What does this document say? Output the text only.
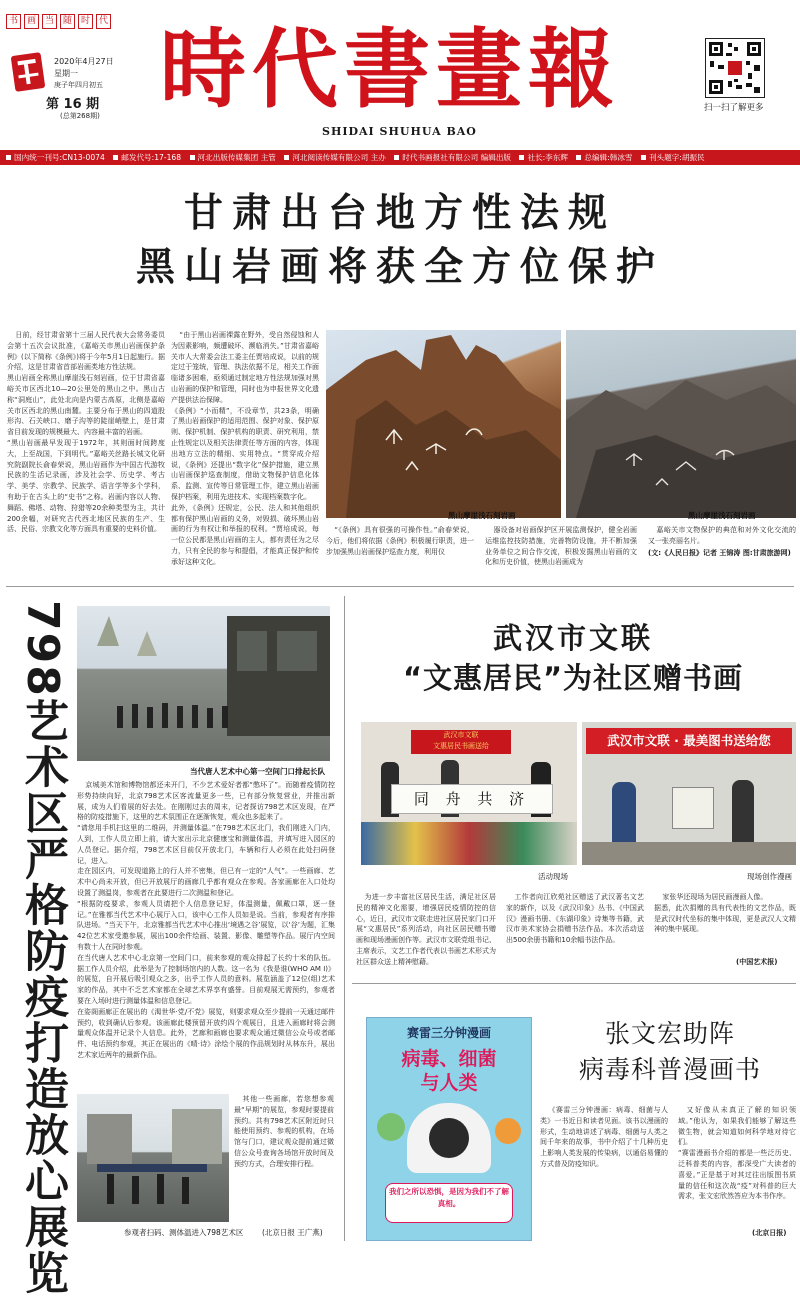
书 画 当 随 时 代
2020年4月27日
星期一
庚子年四月初五
第 16 期
(总第268期) 時代書畫報
SHIDAI SHUHUA BAO
扫一扫了解更多
国内统一刊号:CN13-0074 邮发代号:17-168 河北出版传媒集团 主管 河北阅读传媒有限公司 主办 时代书画报社有限公司 编辑出版 社长:李东辉 总编辑:韩冰雪 刊头题字:胡振民
甘肃出台地方性法规
黑山岩画将获全方位保护
日前，经甘肃省第十三届人民代表大会常务委员会第十五次会议批准，《嘉峪关市黑山岩画保护条例》(以下简称《条例》)将于今年5月1日起施行。据介绍，这是甘肃省首部岩画类地方性法规。
黑山岩画全称黑山摩崖浅石刻岩画，位于甘肃省嘉峪关市区西北10—20公里处的黑山之中。黑山古称“洞庭山”，此处北向是内蒙古高原，北侧是嘉峪关市区西北的黑山南麓。主要分布于黑山的四道股形沟、石关峡口、磨子沟等的陡崖峭壁上，是甘肃省目前发现的规模最大、内容最丰富的岩画。
“黑山岩画最早发现于1972年，其则面时间跨度大，上至战国，下到明代。”嘉峪关丝路长城文化研究院副院长俞春荣说，黑山岩画作为中国古代游牧民族的生活记录画，涉及社会学、历史学、考古学、美学、宗教学、民族学、语言学等多个学科，有助于在古头上的“史书”之称。岩画内容以人物、舞蹈、佛塔、动物、狩猎等20余种类型为主，共计200余幅，对研究古代西北地区民族的生产、生活、民俗、宗教文化等方面具有重要的史料价值。
“由于黑山岩画裸露在野外，受自然侵蚀和人为因素影响，频遭破坏、濒临消失。”甘肃省嘉峪关市人大常委会法工委主任贾培成说，以前的规定过于笼统，管理、执法依据不足，相关工作面临诸多困难，亟须通过制定地方性法规加强对黑山岩画的保护和管理，同时也为申报世界文化遗产提供法治保障。
《条例》“小而精”，不设章节，共23条，明确了黑山岩画保护的适用范围、保护对象、保护原则、保护机制、保护机构的职责、研究利用，禁止性规定以及相关法律责任等方面的内容，体现出地方立法的精细、实用特点。“贯穿成介绍说，《条例》还提出“数字化”保护措施，建立黑山岩画保护巡查制度，借助文物保护信息化体系、监测、宣传等日常管理工作，建立黑山岩画保护档案，利用先进技术、实现档案数字化。
此外，《条例》还规定，公民、法人和其他组织都有保护黑山岩画的义务，对毁损、破坏黑山岩画的行为有权让和举报的权利。“贾培成说，每一位公民都是黑山岩画的主人，都有责任为之尽力，只有全民的参与和提倡，才能真正保护和传承好这种文化。
黑山摩崖浅石刻岩画	黑山摩崖浅石刻岩画
“《条例》具有很强的可操作性。”俞春荣说，今后，他们将依据《条例》积极履行职责，进一步加强黑山岩画保护巡查力度，利用仪
器设备对岩画保护区开展监测保护，健全岩画运维监控技防措施，完善物防设施，并不断加强业务单位之间合作交流，积极发掘黑山岩画的文化和历史价值，使黑山岩画成为
嘉峪关市文物保护的典范和对外文化交流的又一张亮丽名片。
(文:《人民日报》记者 王锦涛 图:甘肃旅游网)
798艺术区严格防疫打造放心展览	当代唐人艺术中心第一空间门口排起长队
京城美术馆和博物馆都还未开门，不少艺术爱好者都“憋坏了”。而随着疫情防控形势持续向好，北京798艺术区客流量更多一些，已有部分恢复营业，并推出新展，成为人们看展的好去处。在刚刚过去的周末，记者探访798艺术区发现，在严格的防疫措施下，这里的艺术氛围正在逐渐恢复，观众也多起来了。
“请您用手机扫这里的二维码，并测量体温。”在798艺术区北门，我们刚进入门内，人到，工作人员立即上前，请大家出示北京健康宝和测量体温，并填写进入园区的人员登记。据介绍，798艺术区目前仅开放北门，车辆和行人必须在此处扫码登记，进入。
走在园区内，可发现道路上的行人并不密集，但已有一定的“人气”。一些画廊、艺术中心尚未开放，但已开放展厅的画廊几乎都有观众在参观。各家画廊在入口处均设置了测温岗，参观者在此要进行二次测温和登记。
“根据防疫要求，参观人员请把个人信息登记好，体温测量，佩戴口罩，逐一登记。”在雅都当代艺术中心展厅入口，该中心工作人员如是说。当前，参观者有序排队进场。“当天下午，北京雅都当代艺术中心推出‘境遇之谷’展览，以‘谷’为题，汇集42位艺术家受邀参展，展出100余件绘画、装置、影像、雕塑等作品。展厅内空间有数十人在同时参观。
在当代唐人艺术中心北京第一空间门口，前来参观的观众排起了长约十米的队伍。据工作人员介绍，此举是为了控制场馆内的人数。这一名为《我是谁(WHO AM I)》的展览，自开展后吸引观众之多，出乎工作人员的意料。展览涵盖了12位(组)艺术家的作品，其中不乏艺术家都在全球艺术界享有盛誉。目前观展无需预约，参观者要在入场时进行测量体温和信息登记。
在姿阁画廊正在展出的《渴世华·党/不党》展览，则要求观众至少提前一天通过邮件预约，收到确认后参观。该画廊此楼预留开放约四个观展日，且进入画廊时将会测量观众体温并记录个人信息。此外，艺廊和画廊也要求观众通过微信公众号或者邮件、电话预约参观，其正在展出的《晴·诗》涂绘个展的作品规划时从林东升，展出艺术家近两年的最新作品。
其他一些画廊，若您想参观最“早期”的展览，参观时要提前预约。共有798艺术区附近时只能使用预约、参观的机构，在场馆与门口，建议观众提前通过微信公众号查询各场馆开放时间及预约方式，合理安排行程。
参观者扫码、测体温进入798艺术区 (北京日报 王广燕)
武汉市文联
“文惠居民”为社区赠书画
武汉市文联
文惠居民书画送给
同 舟 共 济
武汉市文联 · 最美图书送给您
活动现场	现场创作漫画
为进一步丰富社区居民生活，满足社区居民的精神文化需要，增强居民疫情防控的信心，近日，武汉市文联走进社区居民家门口开展“文惠居民”系列活动，向社区居民赠书赠画和现场漫画创作等。武汉市文联党组书记、主席表示，文艺工作者代表以书画艺术形式为社区群众送上精神慰藉。
工作者向江欣苑社区赠送了武汉著名文艺家的新作，以及《武汉印象》丛书、《中国武汉》漫画书册、《东湖印象》诗集等书籍，武汉市美术家协会捐赠书法作品。本次活动送出500余册书籍和10余幅书法作品。
家张华还现场为居民画漫画人像。
据悉，此次捐赠的具有代表性的文艺作品，既是武汉时代坐标的集中体现，更是武汉人文精神的集中展现。
(中国艺术报)
赛雷三分钟漫画
病毒、细菌
与人类
我们之所以恐惧，是因为我们不了解真相。
张文宏助阵
病毒科普漫画书
《赛雷三分钟漫画：病毒、细菌与人类》一书近日和读者见面。该书以漫画的形式，生动地讲述了病毒、细菌与人类之间千年来的故事，书中介绍了十几种历史上影响人类发展的传染病，以通俗易懂的方式普及防疫知识。
又好像从未真正了解的知识领域。”他认为，如果我们能够了解这些微生物，就会知道如何科学地对待它们。
“赛雷漫画书介绍的都是一些泛历史、泛科普类的内容，都深受广大读者的喜爱。”正是基于对其过往出版图书质量的信任和这次战“疫”对科普的巨大需求，张文宏欣然答应为本书作序。
(北京日报)
